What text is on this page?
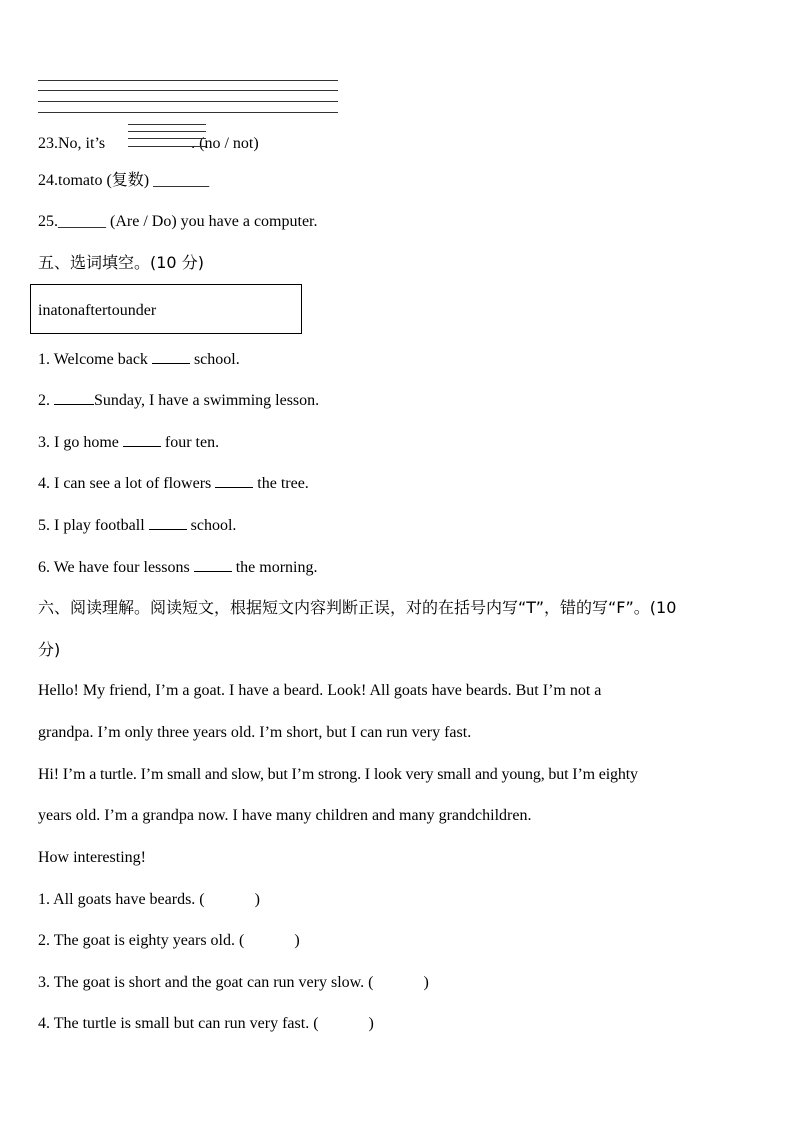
23.No, it’s	. (no / not)
24.tomato (复数) _______
25.______ (Are / Do) you have a computer.
五、选词填空。(10 分)
inatonaftertounder
1. Welcome back  school.
2.	Sunday, I have a swimming lesson.
3. I go home  four ten.
4. I can see a lot of flowers  the tree.
5. I play football  school.
6. We have four lessons  the morning.
六、阅读理解。阅读短文，根据短文内容判断正误，对的在括号内写“T”，错的写“F”。(10
分)
Hello! My friend, I’m a goat. I have a beard. Look! All goats have beards. But I’m not a
grandpa. I’m only three years old. I’m short, but I can run very fast.
Hi! I’m a turtle. I’m small and slow, but I’m strong. I look very small and young, but I’m eighty
years old. I’m a grandpa now. I have many children and many grandchildren.
How interesting!
1. All goats have beards. (	)
2. The goat is eighty years old. (	)
3. The goat is short and the goat can run very slow. (	)
4. The turtle is small but can run very fast. (	)
